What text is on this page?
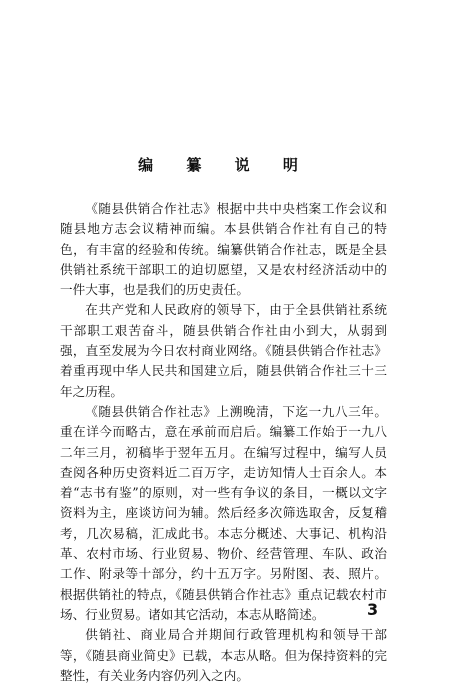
编 纂 说 明

《随县供销合作社志》根据中共中央档案工作会议和随县地方志会议精神而编。本县供销合作社有自己的特色，有丰富的经验和传统。编纂供销合作社志，既是全县供销社系统干部职工的迫切愿望，又是农村经济活动中的一件大事，也是我们的历史责任。

在共产党和人民政府的领导下，由于全县供销社系统干部职工艰苦奋斗，随县供销合作社由小到大，从弱到强，直至发展为今日农村商业网络。《随县供销合作社志》着重再现中华人民共和国建立后，随县供销合作社三十三年之历程。

《随县供销合作社志》上溯晚清，下迄一九八三年。重在详今而略古，意在承前而启后。编纂工作始于一九八二年三月，初稿毕于翌年五月。在编写过程中，编写人员查阅各种历史资料近二百万字，走访知情人士百余人。本着“志书有鉴”的原则，对一些有争议的条目，一概以文字资料为主，座谈访问为辅。然后经多次筛选取舍，反复稽考，几次易稿，汇成此书。本志分概述、大事记、机构沿革、农村市场、行业贸易、物价、经营管理、车队、政治工作、附录等十部分，约十五万字。另附图、表、照片。根据供销社的特点，《随县供销合作社志》重点记载农村市场、行业贸易。诸如其它活动，本志从略简述。

供销社、商业局合并期间行政管理机构和领导干部等，《随县商业简史》已载，本志从略。但为保持资料的完整性，有关业务内容仍列入之内。

3
